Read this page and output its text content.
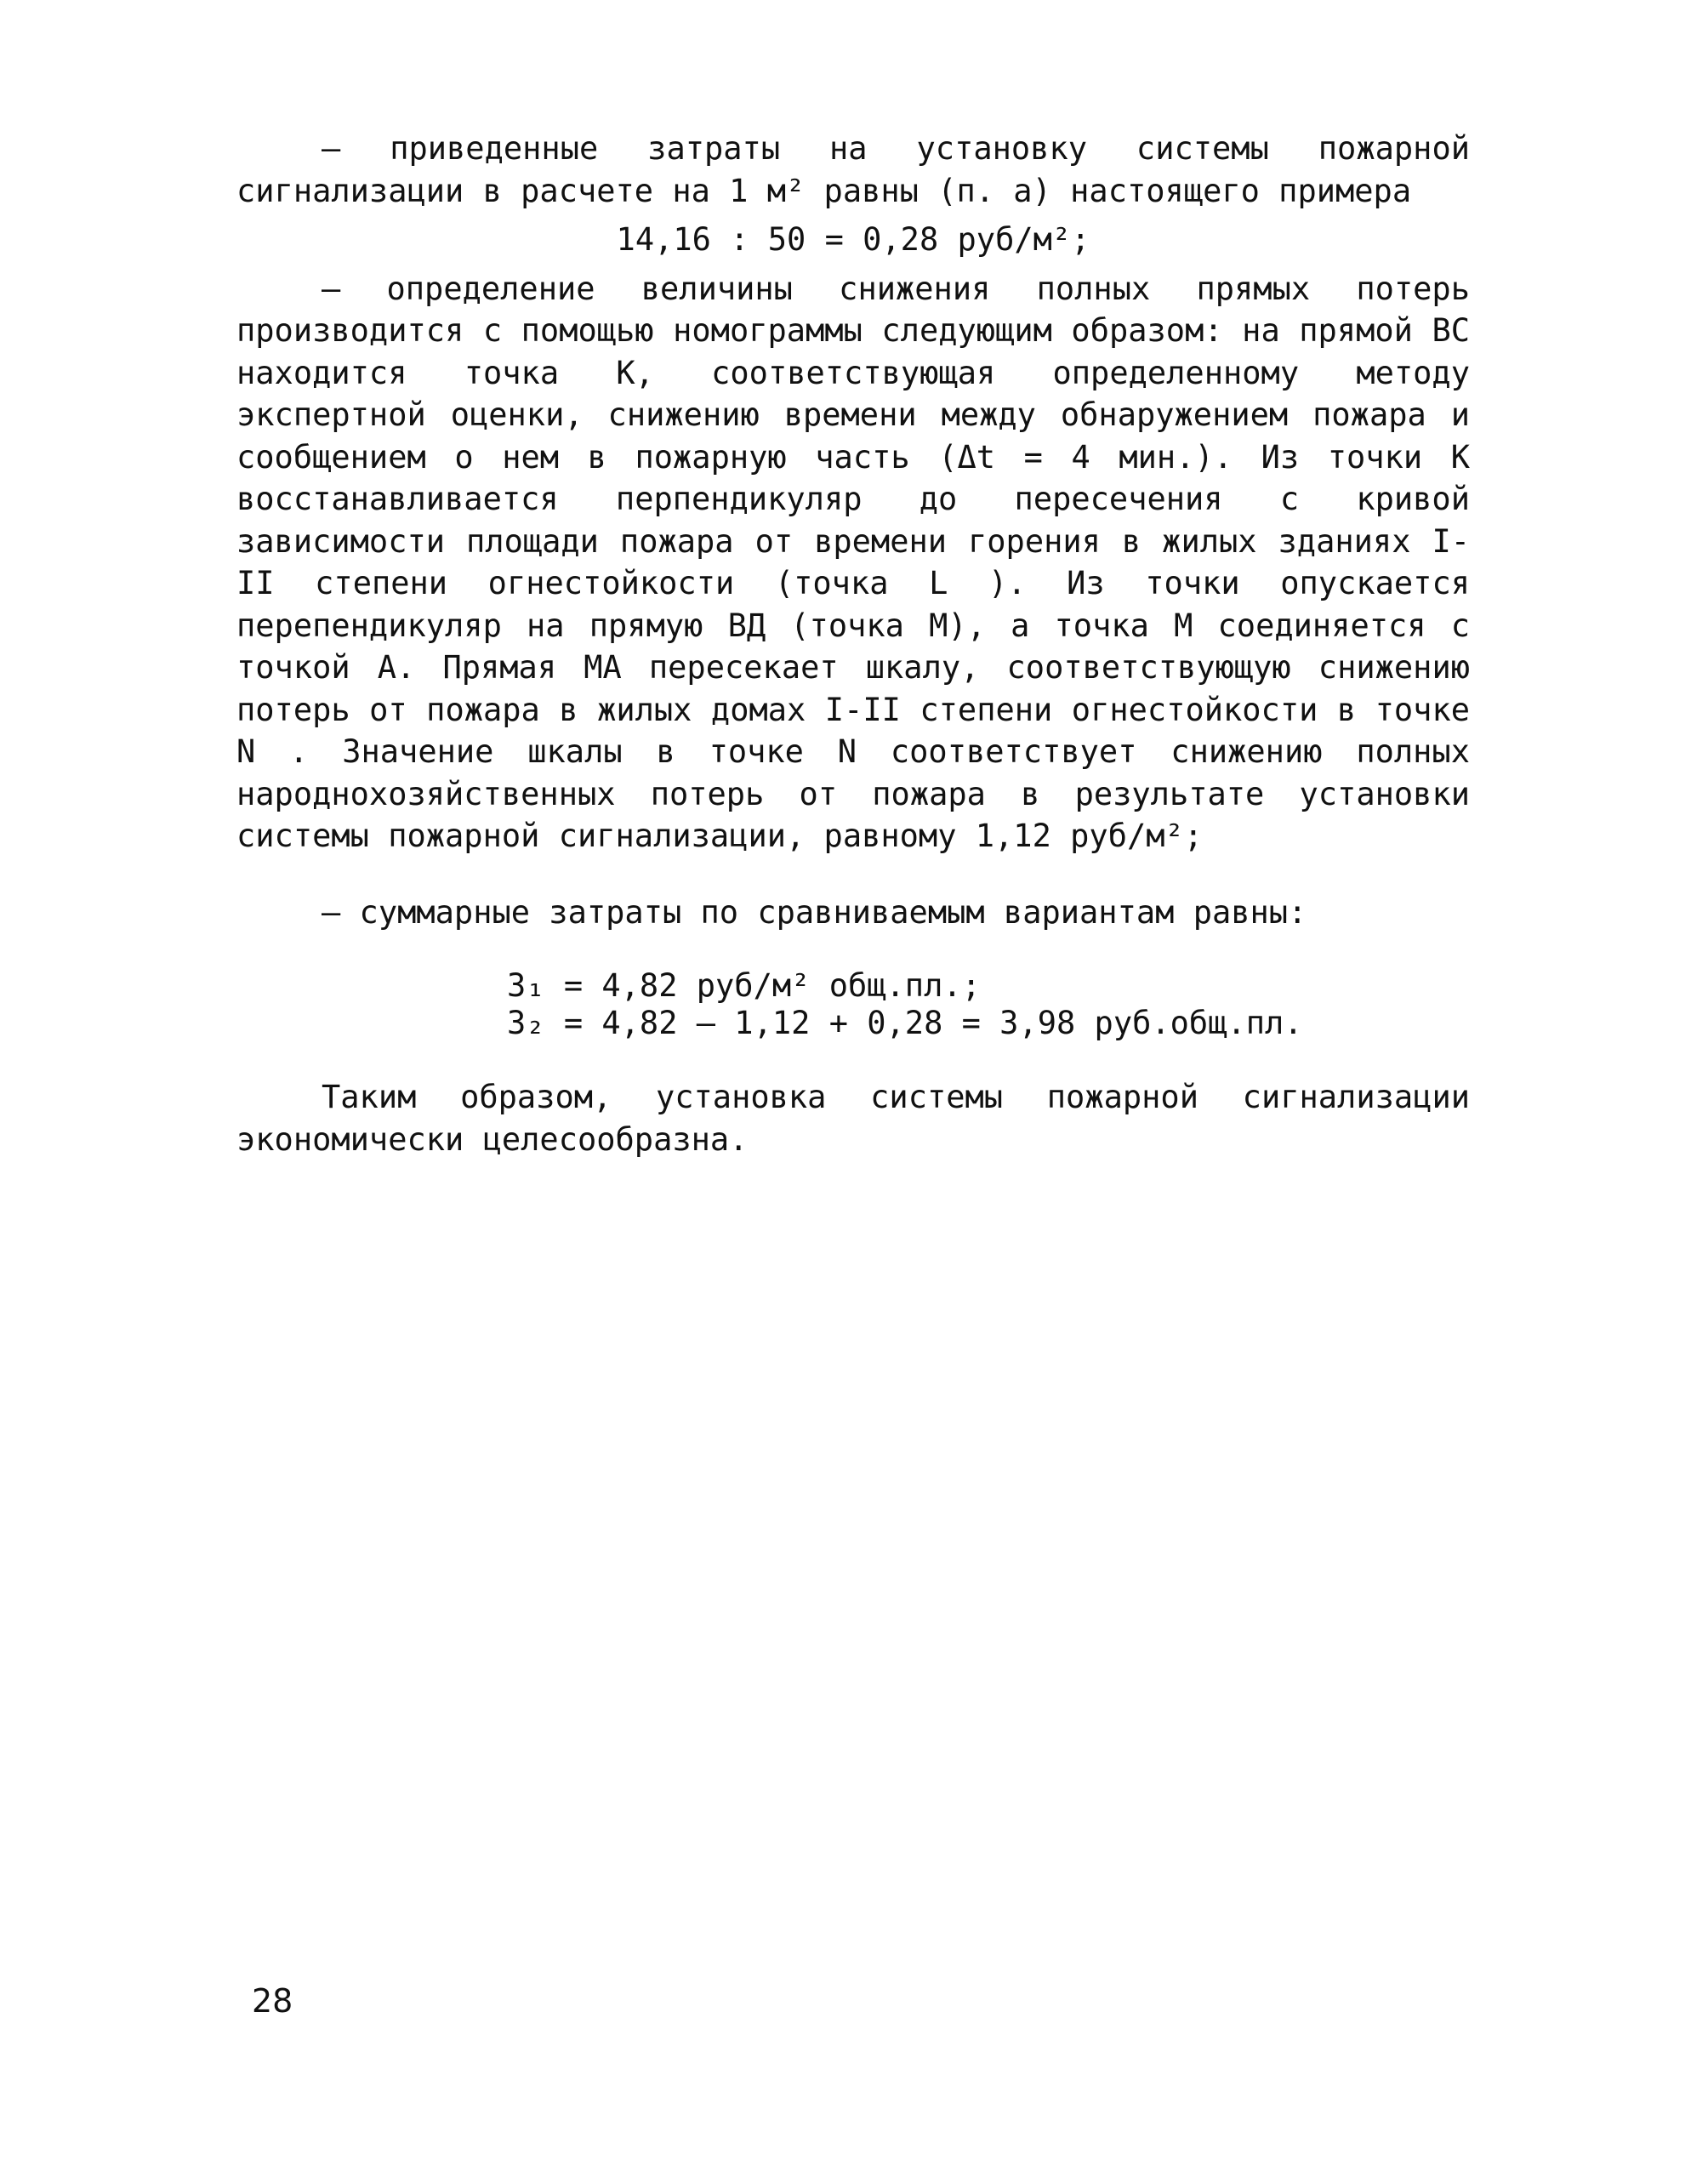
– приведенные затраты на установку системы пожарной сигнализации в расчете на 1 м² равны (п. а) настоящего примера

14,16 : 50 = 0,28 руб/м²;

– определение величины снижения полных прямых потерь производится с помощью номограммы следующим образом: на прямой ВС находится точка К, соответствующая определенному методу экспертной оценки, снижению времени между обнаружением пожара и сообщением о нем в пожарную часть (Δt = 4 мин.). Из точки К восстанавливается перпендикуляр до пересечения с кривой зависимости площади пожара от времени горения в жилых зданиях I-II степени огнестойкости (точка L ). Из точки опускается перепендикуляр на прямую ВД (точка М), а точка М соединяется с точкой А. Прямая МА пересекает шкалу, соответствующую снижению потерь от пожара в жилых домах I-II степени огнестойкости в точке N . Значение шкалы в точке N соответствует снижению полных народнохозяйственных потерь от пожара в результате установки системы пожарной сигнализации, равному 1,12 руб/м²;

– суммарные затраты по сравниваемым вариантам равны:

З₁ = 4,82 руб/м² общ.пл.;
З₂ = 4,82 – 1,12 + 0,28 = 3,98 руб.общ.пл.

Таким образом, установка системы пожарной сигнализации экономически целесообразна.

28
